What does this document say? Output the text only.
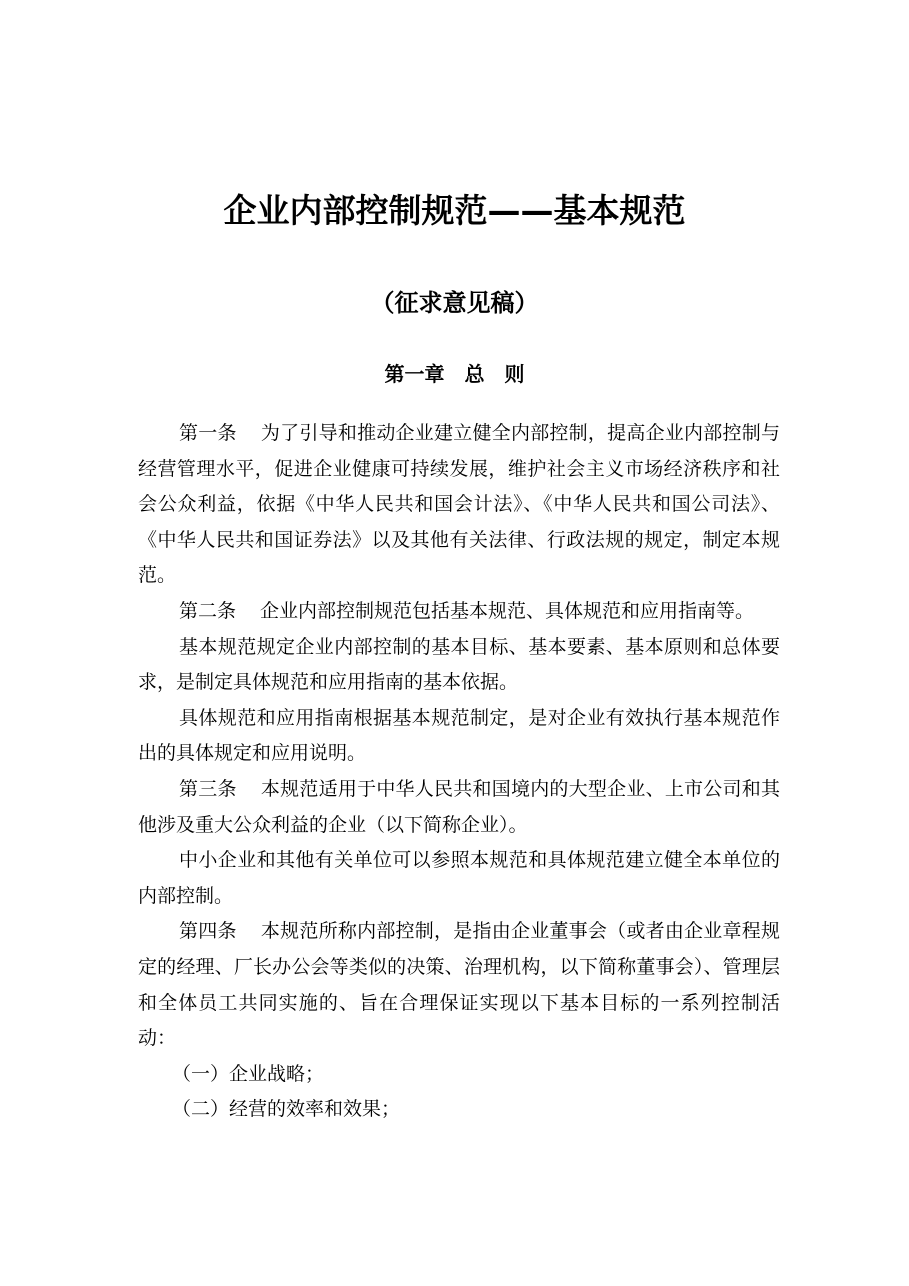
企业内部控制规范——基本规范
（征求意见稿）
第一章 总　则

第一条 为了引导和推动企业建立健全内部控制，提高企业内部控制与经营管理水平，促进企业健康可持续发展，维护社会主义市场经济秩序和社会公众利益，依据《中华人民共和国会计法》、《中华人民共和国公司法》、《中华人民共和国证券法》以及其他有关法律、行政法规的规定，制定本规范。

第二条 企业内部控制规范包括基本规范、具体规范和应用指南等。

基本规范规定企业内部控制的基本目标、基本要素、基本原则和总体要求，是制定具体规范和应用指南的基本依据。

具体规范和应用指南根据基本规范制定，是对企业有效执行基本规范作出的具体规定和应用说明。

第三条 本规范适用于中华人民共和国境内的大型企业、上市公司和其他涉及重大公众利益的企业（以下简称企业）。

中小企业和其他有关单位可以参照本规范和具体规范建立健全本单位的内部控制。

第四条 本规范所称内部控制，是指由企业董事会（或者由企业章程规定的经理、厂长办公会等类似的决策、治理机构，以下简称董事会）、管理层和全体员工共同实施的、旨在合理保证实现以下基本目标的一系列控制活动：

（一）企业战略；

（二）经营的效率和效果；
